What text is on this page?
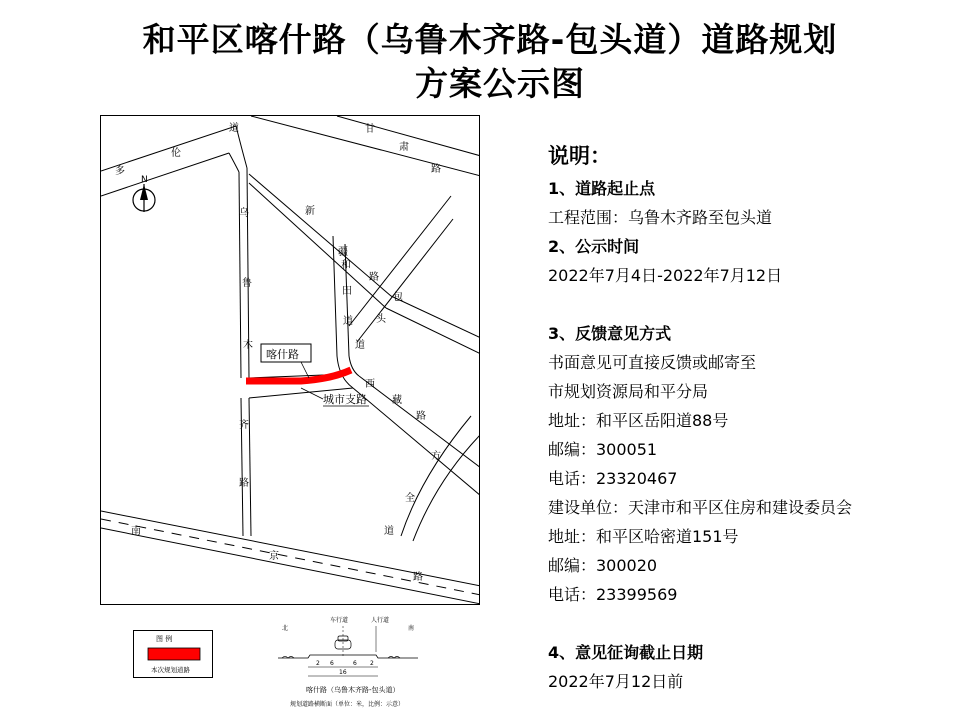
和平区喀什路（乌鲁木齐路-包头道）道路规划
方案公示图
N
喀什路
城市支路
多
伦
道	甘
肃
路
乌
鲁
木
齐
路
新
疆
路
和
田
道
包
头
道
西
藏
路
方
全
道
南
京
路
图 例
本次规划道路
北	南
车行道	人行道
2 6	6 2
16
喀什路（乌鲁木齐路-包头道）
规划道路横断面（单位：米，比例：示意）
说明：
1、道路起止点
工程范围：乌鲁木齐路至包头道
2、公示时间
2022年7月4日-2022年7月12日
3、反馈意见方式
书面意见可直接反馈或邮寄至
市规划资源局和平分局
地址：和平区岳阳道88号
邮编：300051
电话：23320467
建设单位：天津市和平区住房和建设委员会
地址：和平区哈密道151号
邮编：300020
电话：23399569
4、意见征询截止日期
2022年7月12日前
